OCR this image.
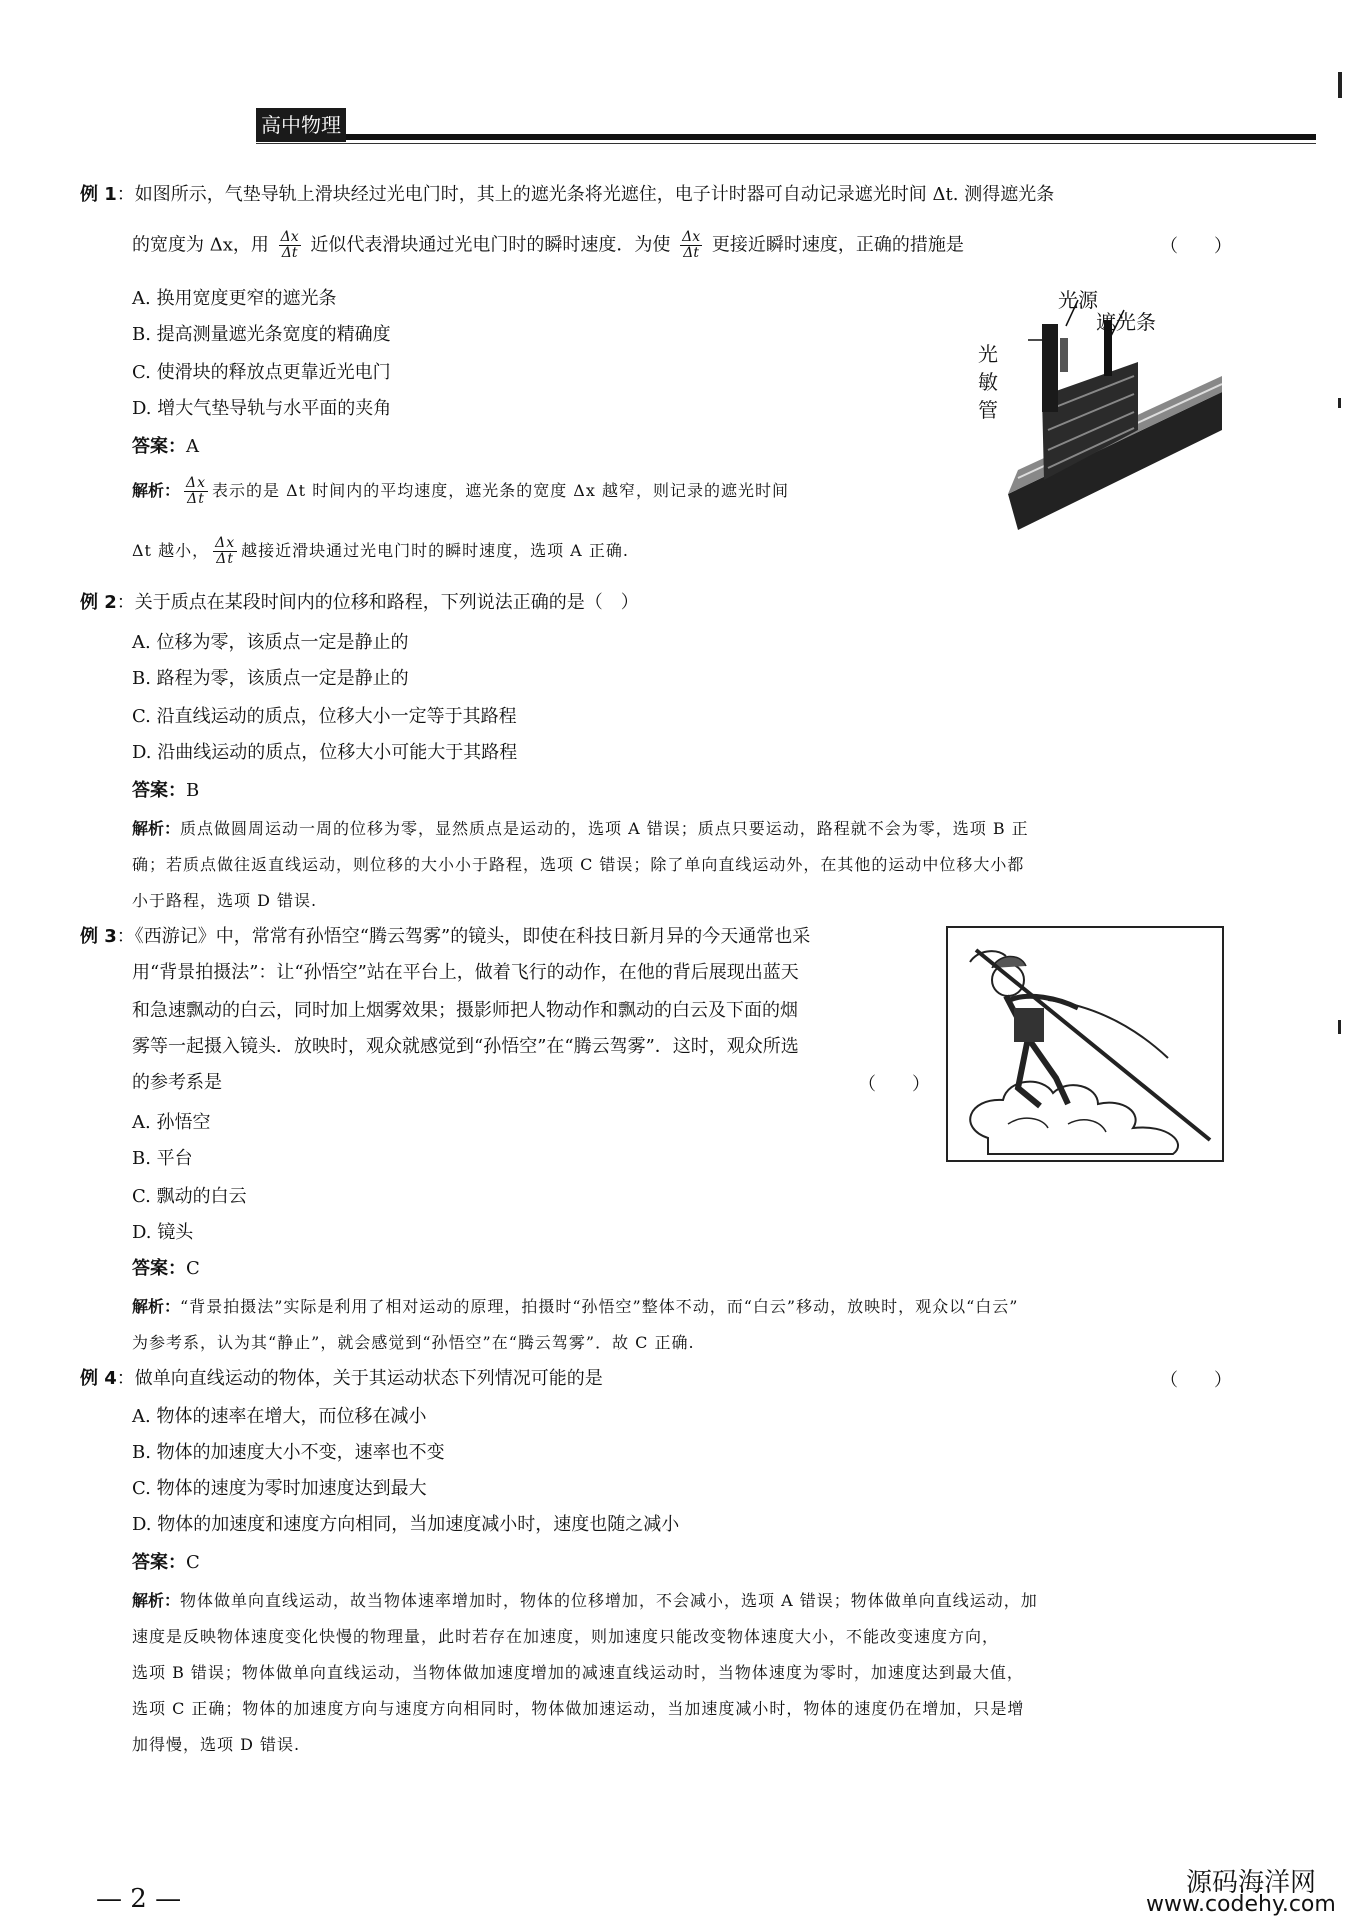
高中物理知识
例 1：如图所示，气垫导轨上滑块经过光电门时，其上的遮光条将光遮住，电子计时器可自动记录遮光时间 Δt. 测得遮光条
的宽度为 Δx，用 $\frac{\Delta x}{\Delta t}$ 近似代表滑块通过光电门时的瞬时速度．为使 $\frac{\Delta x}{\Delta t}$ 更接近瞬时速度，正确的措施是	（　　）
A. 换用宽度更窄的遮光条
B. 提高测量遮光条宽度的精确度
C. 使滑块的释放点更靠近光电门
D. 增大气垫导轨与水平面的夹角
答案：A
解析： $\frac{\Delta x}{\Delta t}$ 表示的是 Δt 时间内的平均速度，遮光条的宽度 Δx 越窄，则记录的遮光时间
Δt 越小， $\frac{\Delta x}{\Delta t}$ 越接近滑块通过光电门时的瞬时速度，选项 A 正确.
光源
遮光条
光敏管
例 2：关于质点在某段时间内的位移和路程，下列说法正确的是（　）
A. 位移为零，该质点一定是静止的
B. 路程为零，该质点一定是静止的
C. 沿直线运动的质点，位移大小一定等于其路程
D. 沿曲线运动的质点，位移大小可能大于其路程
答案：B
解析：质点做圆周运动一周的位移为零，显然质点是运动的，选项 A 错误；质点只要运动，路程就不会为零，选项 B 正
确；若质点做往返直线运动，则位移的大小小于路程，选项 C 错误；除了单向直线运动外，在其他的运动中位移大小都
小于路程，选项 D 错误.
例 3：《西游记》中，常常有孙悟空“腾云驾雾”的镜头，即使在科技日新月异的今天通常也采
用“背景拍摄法”：让“孙悟空”站在平台上，做着飞行的动作，在他的背后展现出蓝天
和急速飘动的白云，同时加上烟雾效果；摄影师把人物动作和飘动的白云及下面的烟
雾等一起摄入镜头．放映时，观众就感觉到“孙悟空”在“腾云驾雾”．这时，观众所选
的参考系是	（　　）
A. 孙悟空
B. 平台
C. 飘动的白云
D. 镜头
答案：C
解析：“背景拍摄法”实际是利用了相对运动的原理，拍摄时“孙悟空”整体不动，而“白云”移动，放映时，观众以“白云”
为参考系，认为其“静止”，就会感觉到“孙悟空”在“腾云驾雾”．故 C 正确.
例 4：做单向直线运动的物体，关于其运动状态下列情况可能的是	（　　）
A. 物体的速率在增大，而位移在减小
B. 物体的加速度大小不变，速率也不变
C. 物体的速度为零时加速度达到最大
D. 物体的加速度和速度方向相同，当加速度减小时，速度也随之减小
答案：C
解析：物体做单向直线运动，故当物体速率增加时，物体的位移增加，不会减小，选项 A 错误；物体做单向直线运动，加
速度是反映物体速度变化快慢的物理量，此时若存在加速度，则加速度只能改变物体速度大小，不能改变速度方向，
选项 B 错误；物体做单向直线运动，当物体做加速度增加的减速直线运动时，当物体速度为零时，加速度达到最大值，
选项 C 正确；物体的加速度方向与速度方向相同时，物体做加速运动，当加速度减小时，物体的速度仍在增加，只是增
加得慢，选项 D 错误.
— 2 —
源码海洋网
www.codehy.com
